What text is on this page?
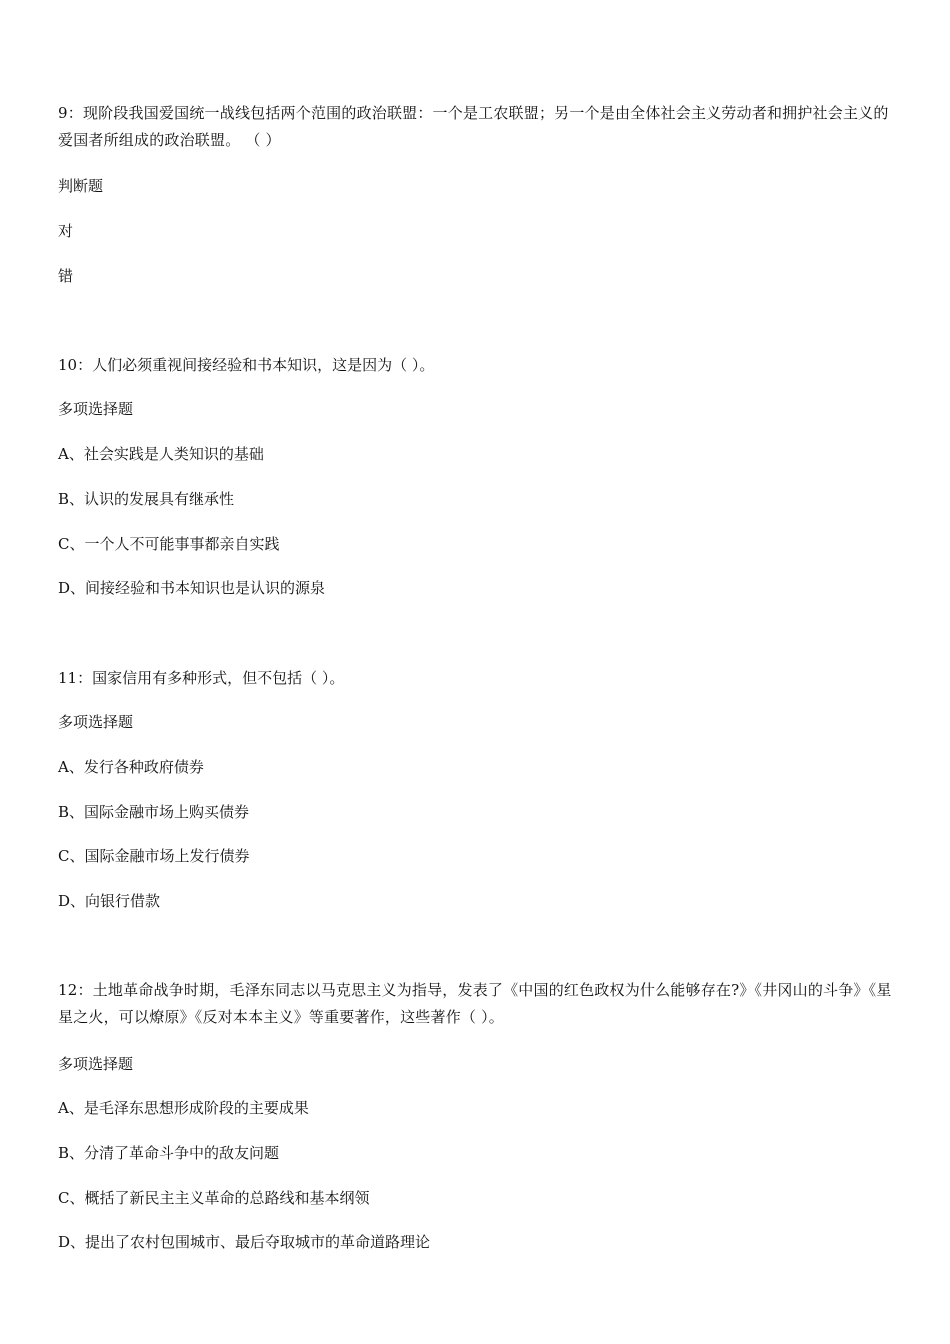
9：现阶段我国爱国统一战线包括两个范围的政治联盟：一个是工农联盟；另一个是由全体社会主义劳动者和拥护社会主义的爱国者所组成的政治联盟。 （ ）
判断题
对
错
10：人们必须重视间接经验和书本知识，这是因为（ ）。
多项选择题
A、社会实践是人类知识的基础
B、认识的发展具有继承性
C、一个人不可能事事都亲自实践
D、间接经验和书本知识也是认识的源泉
11：国家信用有多种形式，但不包括（ ）。
多项选择题
A、发行各种政府债券
B、国际金融市场上购买债券
C、国际金融市场上发行债券
D、向银行借款
12：土地革命战争时期，毛泽东同志以马克思主义为指导，发表了《中国的红色政权为什么能够存在?》《井冈山的斗争》《星星之火，可以燎原》《反对本本主义》等重要著作，这些著作（ ）。
多项选择题
A、是毛泽东思想形成阶段的主要成果
B、分清了革命斗争中的敌友问题
C、概括了新民主主义革命的总路线和基本纲领
D、提出了农村包围城市、最后夺取城市的革命道路理论
